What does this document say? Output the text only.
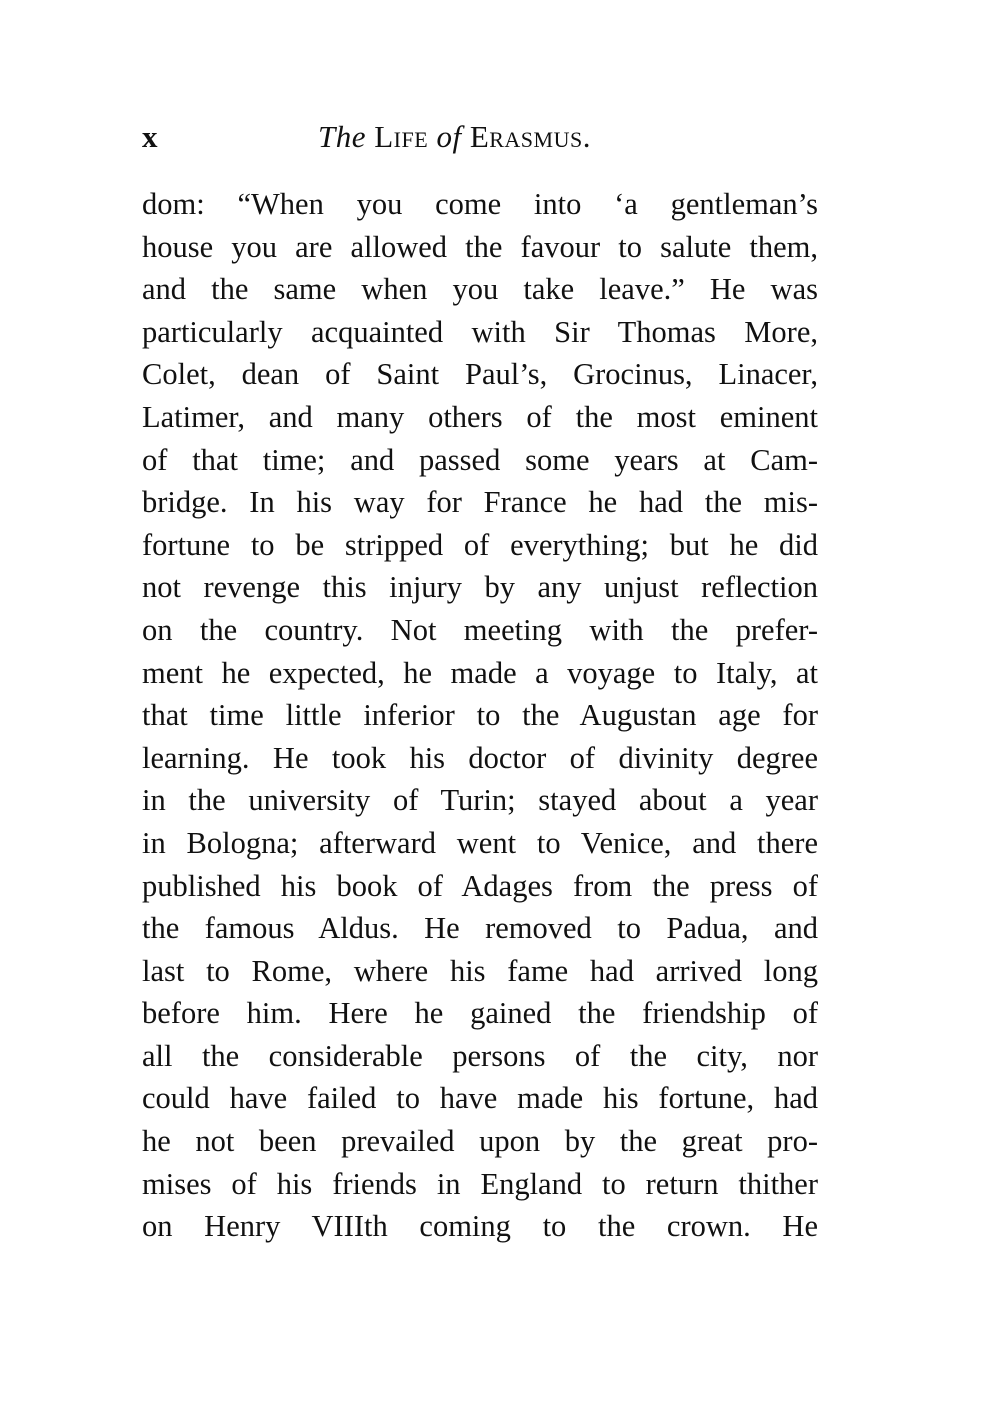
x	The Life of Erasmus.
dom: “When you come into ‘a gentleman’s
house you are allowed the favour to salute them,
and the same when you take leave.” He was
particularly acquainted with Sir Thomas More,
Colet, dean of Saint Paul’s, Grocinus, Linacer,
Latimer, and many others of the most eminent
of that time; and passed some years at Cam-
bridge. In his way for France he had the mis-
fortune to be stripped of everything; but he did
not revenge this injury by any unjust reflection
on the country. Not meeting with the prefer-
ment he expected, he made a voyage to Italy, at
that time little inferior to the Augustan age for
learning. He took his doctor of divinity degree
in the university of Turin; stayed about a year
in Bologna; afterward went to Venice, and there
published his book of Adages from the press of
the famous Aldus. He removed to Padua, and
last to Rome, where his fame had arrived long
before him. Here he gained the friendship of
all the considerable persons of the city, nor
could have failed to have made his fortune, had
he not been prevailed upon by the great pro-
mises of his friends in England to return thither
on Henry VIIIth coming to the crown. He
